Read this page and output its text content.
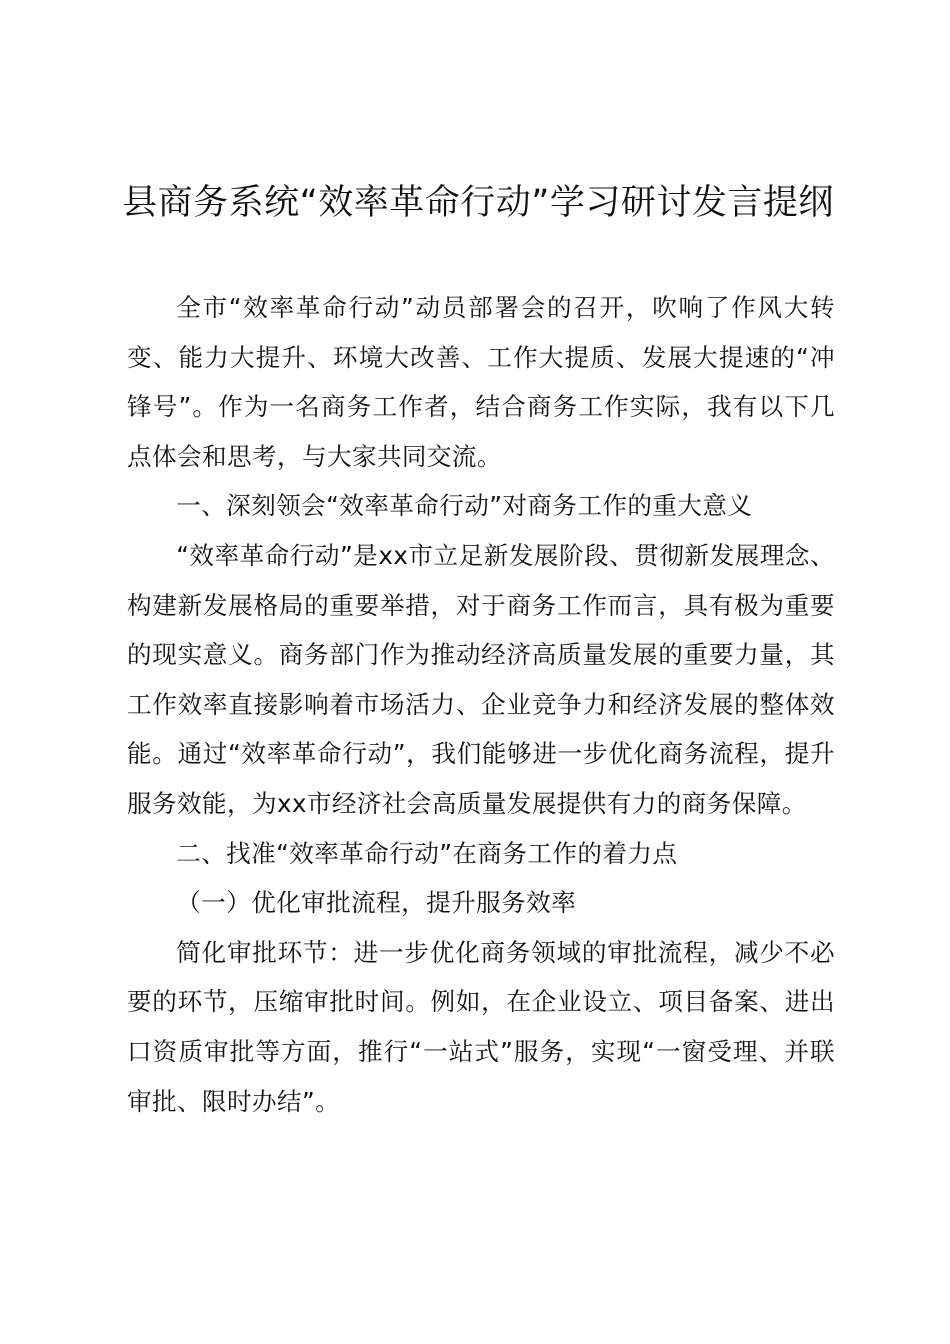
县商务系统“效率革命行动”学习研讨发言提纲

全市“效率革命行动”动员部署会的召开，吹响了作风大转变、能力大提升、环境大改善、工作大提质、发展大提速的“冲锋号”。作为一名商务工作者，结合商务工作实际，我有以下几点体会和思考，与大家共同交流。

一、深刻领会“效率革命行动”对商务工作的重大意义

“效率革命行动”是xx市立足新发展阶段、贯彻新发展理念、构建新发展格局的重要举措，对于商务工作而言，具有极为重要的现实意义。商务部门作为推动经济高质量发展的重要力量，其工作效率直接影响着市场活力、企业竞争力和经济发展的整体效能。通过“效率革命行动”，我们能够进一步优化商务流程，提升服务效能，为xx市经济社会高质量发展提供有力的商务保障。

二、找准“效率革命行动”在商务工作的着力点

（一）优化审批流程，提升服务效率

简化审批环节：进一步优化商务领域的审批流程，减少不必要的环节，压缩审批时间。例如，在企业设立、项目备案、进出口资质审批等方面，推行“一站式”服务，实现“一窗受理、并联审批、限时办结”。
